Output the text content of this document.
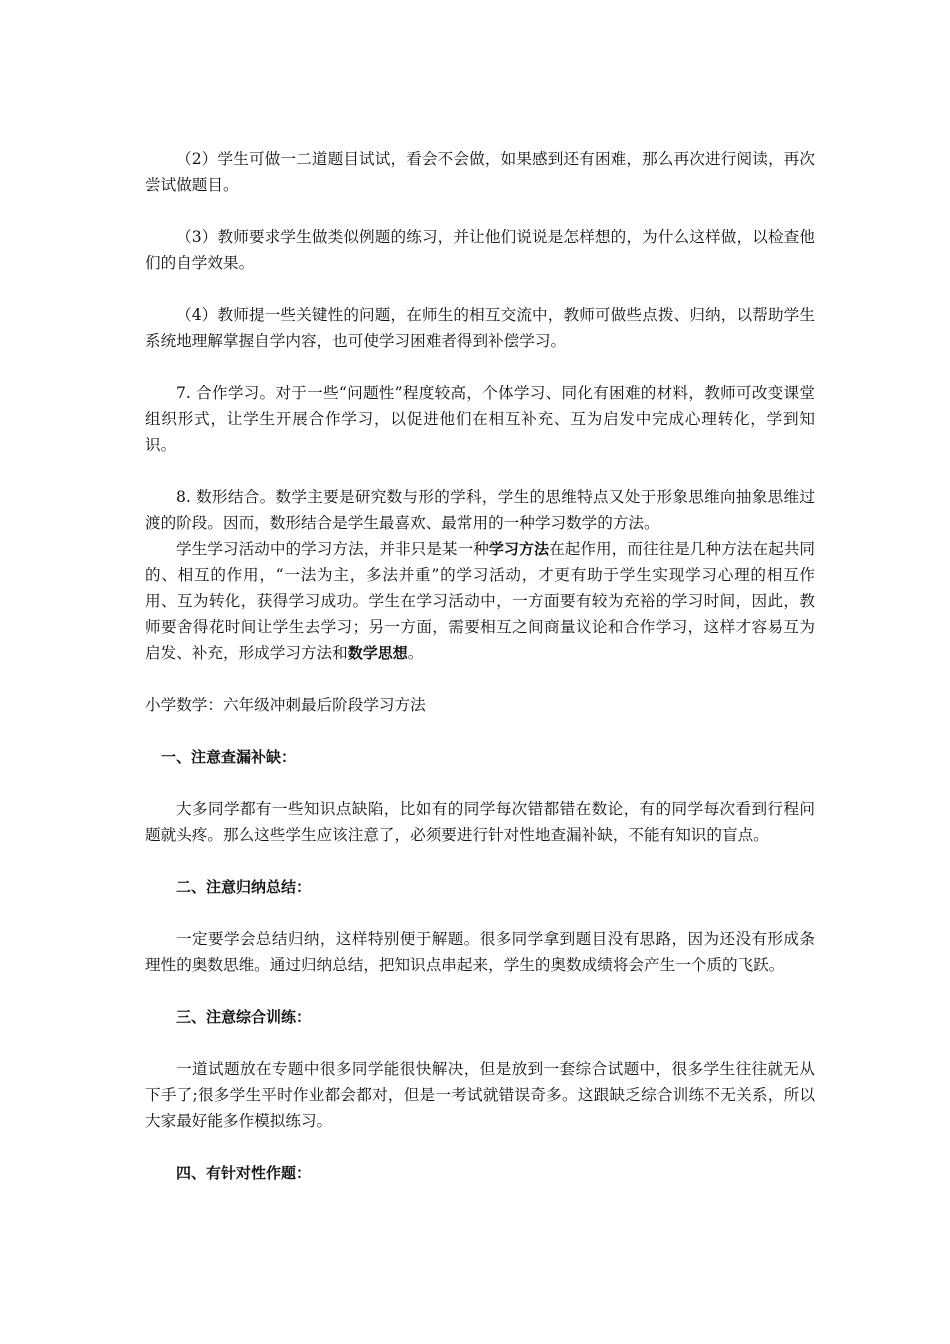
（2）学生可做一二道题目试试，看会不会做，如果感到还有困难，那么再次进行阅读，再次尝试做题目。

（3）教师要求学生做类似例题的练习，并让他们说说是怎样想的，为什么这样做，以检查他们的自学效果。

（4）教师提一些关键性的问题，在师生的相互交流中，教师可做些点拨、归纳，以帮助学生系统地理解掌握自学内容，也可使学习困难者得到补偿学习。

7. 合作学习。对于一些“问题性”程度较高，个体学习、同化有困难的材料，教师可改变课堂组织形式，让学生开展合作学习，以促进他们在相互补充、互为启发中完成心理转化，学到知识。

8. 数形结合。数学主要是研究数与形的学科，学生的思维特点又处于形象思维向抽象思维过渡的阶段。因而，数形结合是学生最喜欢、最常用的一种学习数学的方法。

学生学习活动中的学习方法，并非只是某一种学习方法在起作用，而往往是几种方法在起共同的、相互的作用，“一法为主，多法并重”的学习活动，才更有助于学生实现学习心理的相互作用、互为转化，获得学习成功。学生在学习活动中，一方面要有较为充裕的学习时间，因此，教师要舍得花时间让学生去学习；另一方面，需要相互之间商量议论和合作学习，这样才容易互为启发、补充，形成学习方法和数学思想。

小学数学：六年级冲刺最后阶段学习方法

一、注意查漏补缺：

大多同学都有一些知识点缺陷，比如有的同学每次错都错在数论，有的同学每次看到行程问题就头疼。那么这些学生应该注意了，必须要进行针对性地查漏补缺，不能有知识的盲点。

二、注意归纳总结：

一定要学会总结归纳，这样特别便于解题。很多同学拿到题目没有思路，因为还没有形成条理性的奥数思维。通过归纳总结，把知识点串起来，学生的奥数成绩将会产生一个质的飞跃。

三、注意综合训练：

一道试题放在专题中很多同学能很快解决，但是放到一套综合试题中，很多学生往往就无从下手了;很多学生平时作业都会都对，但是一考试就错误奇多。这跟缺乏综合训练不无关系，所以大家最好能多作模拟练习。

四、有针对性作题：
